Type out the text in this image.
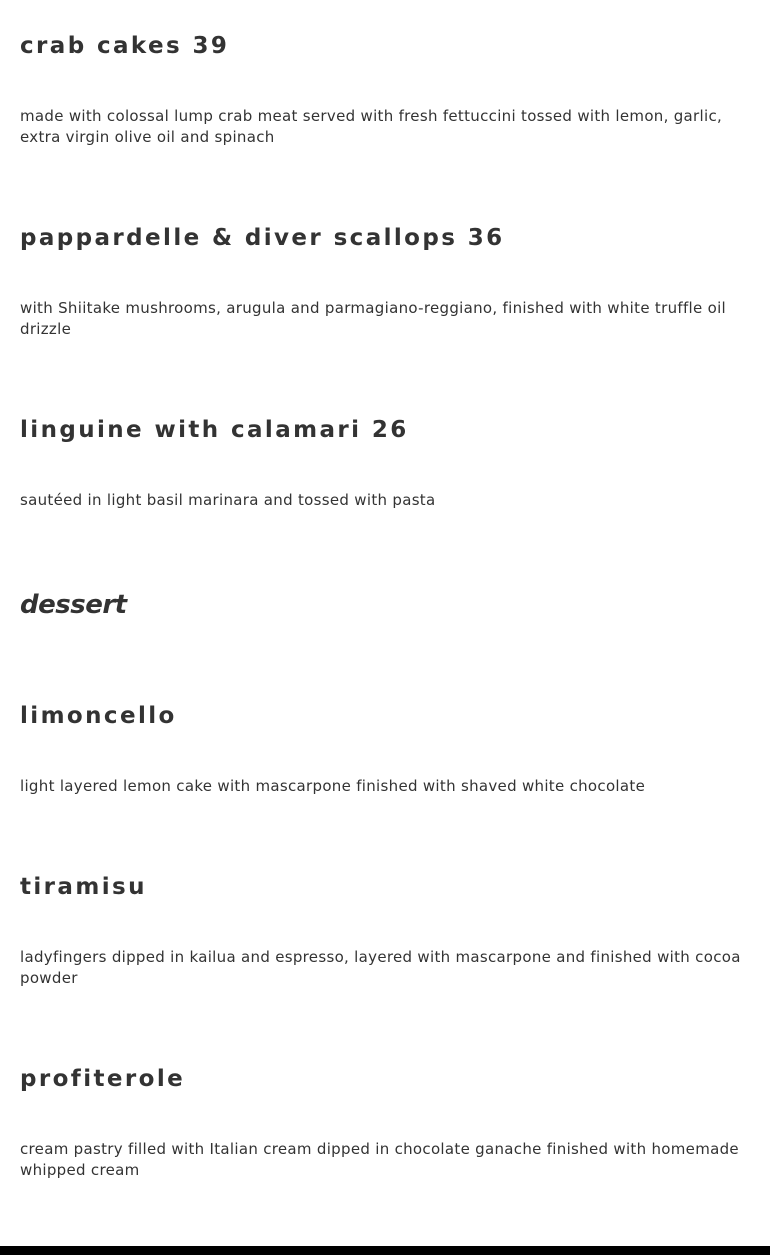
crab cakes 39

made with colossal lump crab meat served with fresh fettuccini tossed with lemon, garlic, extra virgin olive oil and spinach

pappardelle & diver scallops 36

with Shiitake mushrooms, arugula and parmagiano-reggiano, finished with white truffle oil drizzle

linguine with calamari 26

sautéed in light basil marinara and tossed with pasta

dessert
limoncello

light layered lemon cake with mascarpone finished with shaved white chocolate

tiramisu

ladyfingers dipped in kailua and espresso, layered with mascarpone and finished with cocoa powder

profiterole

cream pastry filled with Italian cream dipped in chocolate ganache finished with homemade whipped cream
